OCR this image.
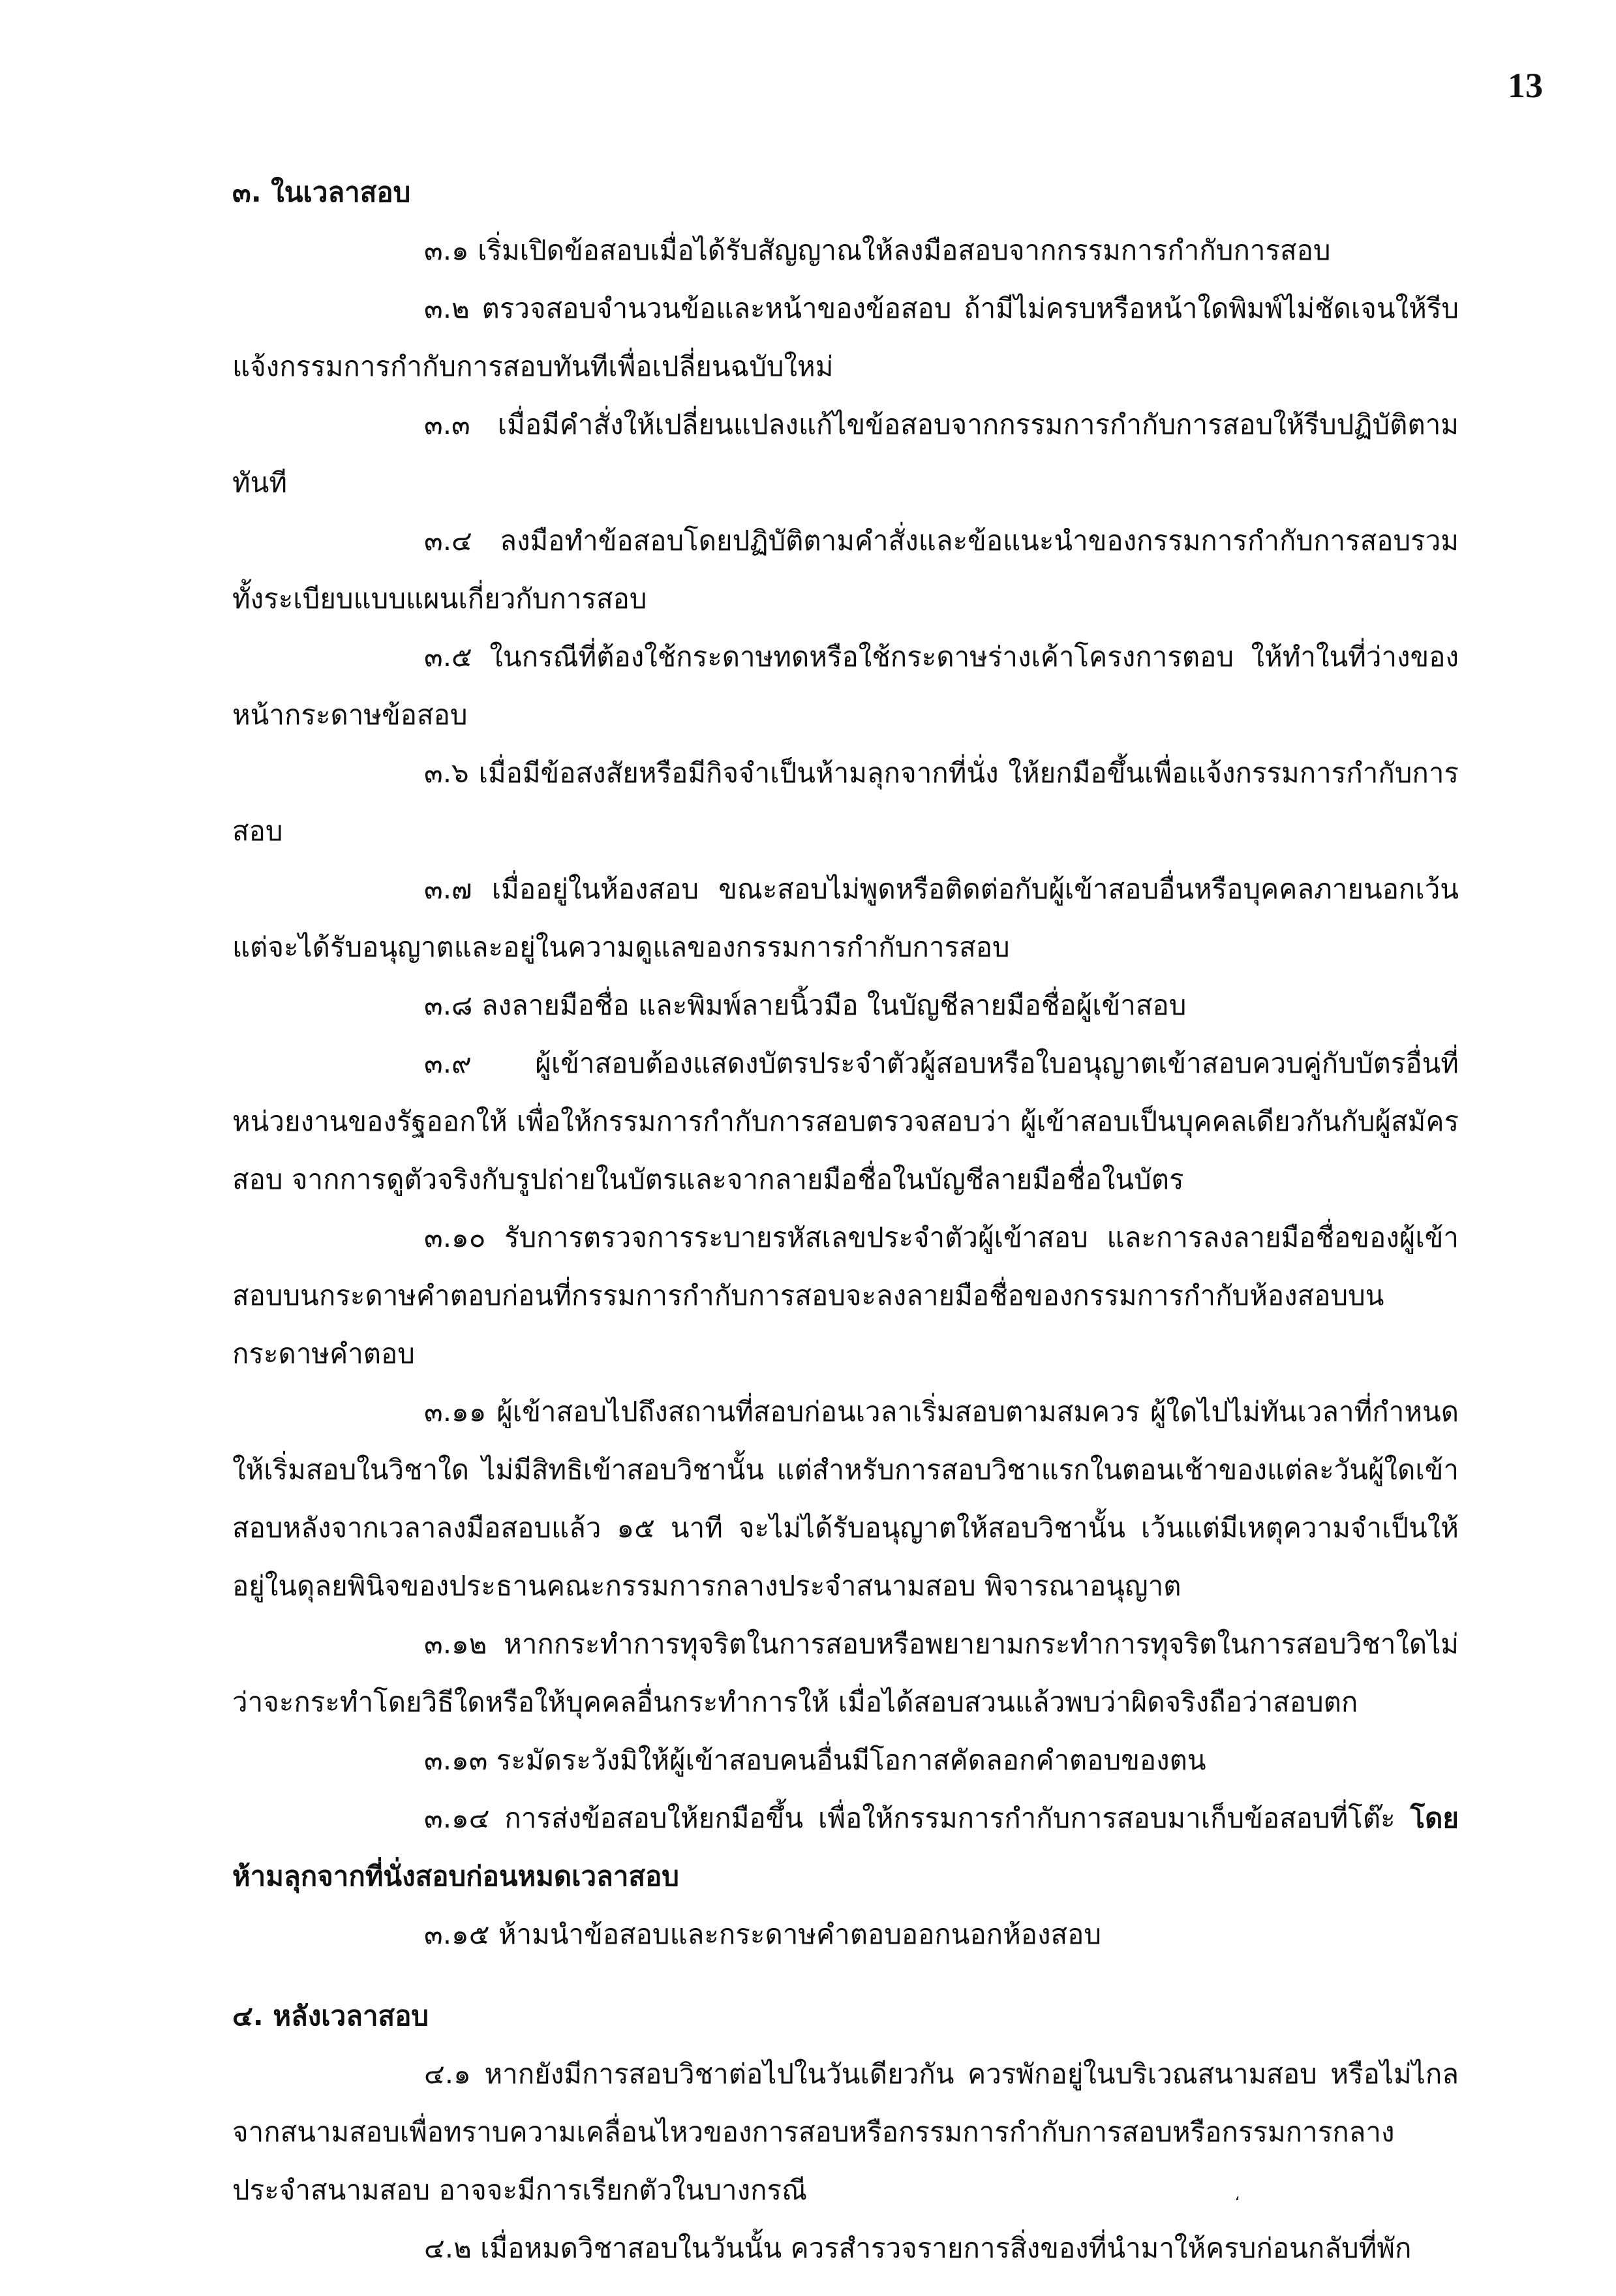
13

๓. ในเวลาสอบ

๓.๑ เริ่มเปิดข้อสอบเมื่อได้รับสัญญาณให้ลงมือสอบจากกรรมการกำกับการสอบ

๓.๒ ตรวจสอบจำนวนข้อและหน้าของข้อสอบ ถ้ามีไม่ครบหรือหน้าใดพิมพ์ไม่ชัดเจนให้รีบแจ้งกรรมการกำกับการสอบทันทีเพื่อเปลี่ยนฉบับใหม่

๓.๓ เมื่อมีคำสั่งให้เปลี่ยนแปลงแก้ไขข้อสอบจากกรรมการกำกับการสอบให้รีบปฏิบัติตามทันที

๓.๔ ลงมือทำข้อสอบโดยปฏิบัติตามคำสั่งและข้อแนะนำของกรรมการกำกับการสอบรวมทั้งระเบียบแบบแผนเกี่ยวกับการสอบ

๓.๕ ในกรณีที่ต้องใช้กระดาษทดหรือใช้กระดาษร่างเค้าโครงการตอบ ให้ทำในที่ว่างของหน้ากระดาษข้อสอบ

๓.๖ เมื่อมีข้อสงสัยหรือมีกิจจำเป็นห้ามลุกจากที่นั่ง ให้ยกมือขึ้นเพื่อแจ้งกรรมการกำกับการสอบ

๓.๗ เมื่ออยู่ในห้องสอบ ขณะสอบไม่พูดหรือติดต่อกับผู้เข้าสอบอื่นหรือบุคคลภายนอกเว้นแต่จะได้รับอนุญาตและอยู่ในความดูแลของกรรมการกำกับการสอบ

๓.๘ ลงลายมือชื่อ และพิมพ์ลายนิ้วมือ ในบัญชีลายมือชื่อผู้เข้าสอบ

๓.๙ ผู้เข้าสอบต้องแสดงบัตรประจำตัวผู้สอบหรือใบอนุญาตเข้าสอบควบคู่กับบัตรอื่นที่หน่วยงานของรัฐออกให้ เพื่อให้กรรมการกำกับการสอบตรวจสอบว่า ผู้เข้าสอบเป็นบุคคลเดียวกันกับผู้สมัครสอบ จากการดูตัวจริงกับรูปถ่ายในบัตรและจากลายมือชื่อในบัญชีลายมือชื่อในบัตร

๓.๑๐ รับการตรวจการระบายรหัสเลขประจำตัวผู้เข้าสอบ และการลงลายมือชื่อของผู้เข้าสอบบนกระดาษคำตอบก่อนที่กรรมการกำกับการสอบจะลงลายมือชื่อของกรรมการกำกับห้องสอบบนกระดาษคำตอบ

๓.๑๑ ผู้เข้าสอบไปถึงสถานที่สอบก่อนเวลาเริ่มสอบตามสมควร ผู้ใดไปไม่ทันเวลาที่กำหนดให้เริ่มสอบในวิชาใด ไม่มีสิทธิเข้าสอบวิชานั้น แต่สำหรับการสอบวิชาแรกในตอนเช้าของแต่ละวันผู้ใดเข้าสอบหลังจากเวลาลงมือสอบแล้ว ๑๕ นาที จะไม่ได้รับอนุญาตให้สอบวิชานั้น เว้นแต่มีเหตุความจำเป็นให้อยู่ในดุลยพินิจของประธานคณะกรรมการกลางประจำสนามสอบ พิจารณาอนุญาต

๓.๑๒ หากกระทำการทุจริตในการสอบหรือพยายามกระทำการทุจริตในการสอบวิชาใดไม่ว่าจะกระทำโดยวิธีใดหรือให้บุคคลอื่นกระทำการให้ เมื่อได้สอบสวนแล้วพบว่าผิดจริงถือว่าสอบตก

๓.๑๓ ระมัดระวังมิให้ผู้เข้าสอบคนอื่นมีโอกาสคัดลอกคำตอบของตน

๓.๑๔ การส่งข้อสอบให้ยกมือขึ้น เพื่อให้กรรมการกำกับการสอบมาเก็บข้อสอบที่โต๊ะ โดยห้ามลุกจากที่นั่งสอบก่อนหมดเวลาสอบ

๓.๑๕ ห้ามนำข้อสอบและกระดาษคำตอบออกนอกห้องสอบ

๔. หลังเวลาสอบ

๔.๑ หากยังมีการสอบวิชาต่อไปในวันเดียวกัน ควรพักอยู่ในบริเวณสนามสอบ หรือไม่ไกลจากสนามสอบเพื่อทราบความเคลื่อนไหวของการสอบหรือกรรมการกำกับการสอบหรือกรรมการกลางประจำสนามสอบ อาจจะมีการเรียกตัวในบางกรณี

๔.๒ เมื่อหมดวิชาสอบในวันนั้น ควรสำรวจรายการสิ่งของที่นำมาให้ครบก่อนกลับที่พัก

ʻ
